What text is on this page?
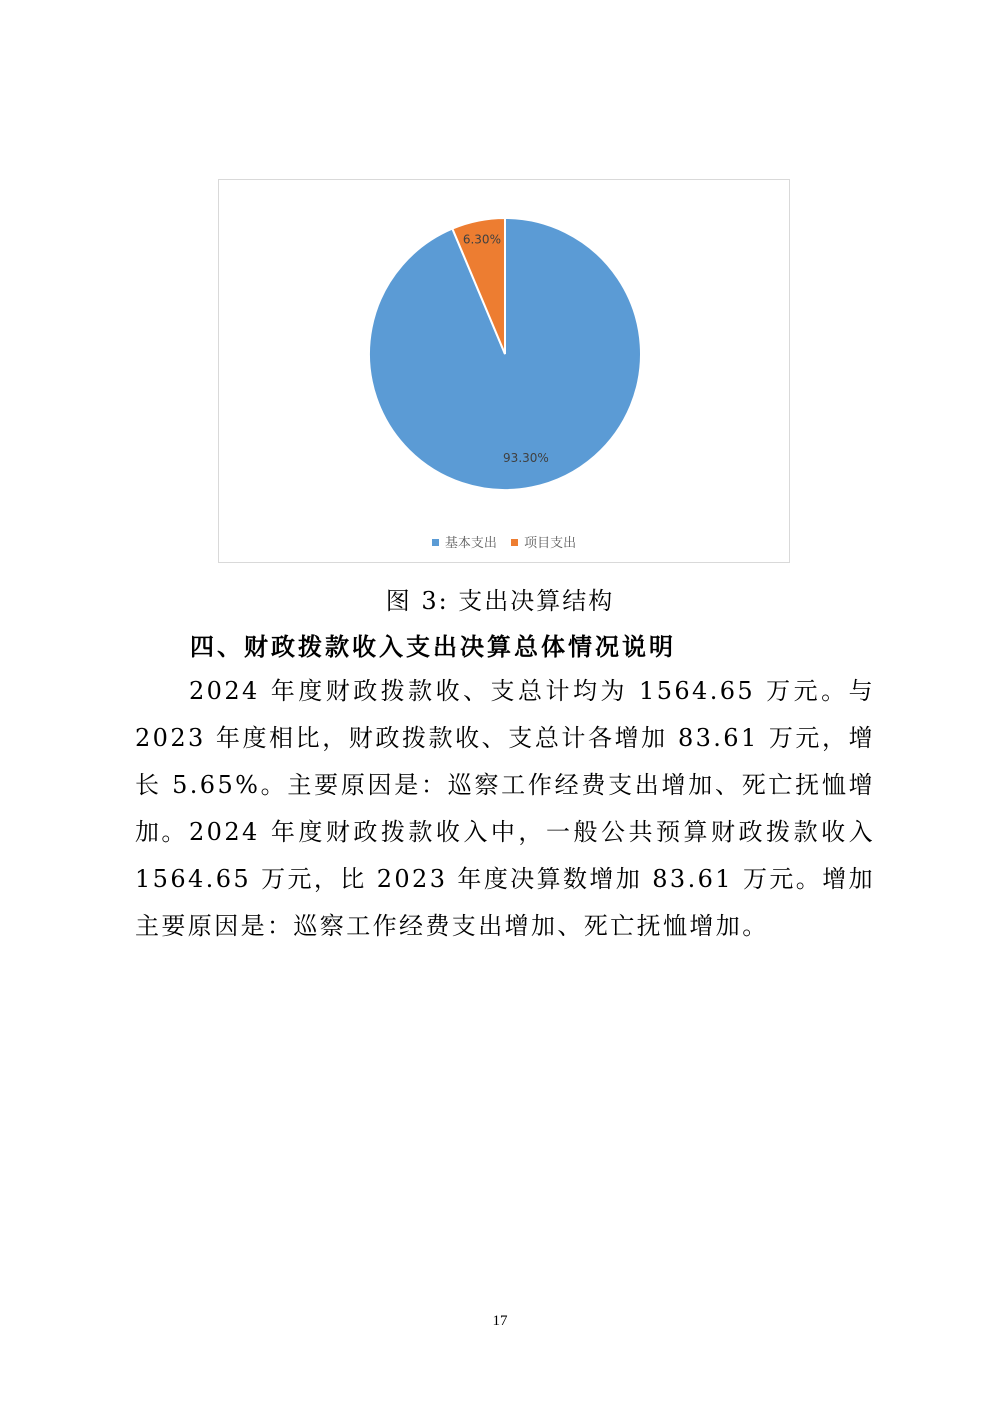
93.30%
6.30%
基本支出 项目支出
图 3: 支出决算结构
四、财政拨款收入支出决算总体情况说明
2024 年度财政拨款收、支总计均为 1564.65 万元。与 2023 年度相比，财政拨款收、支总计各增加 83.61 万元，增长 5.65%。主要原因是：巡察工作经费支出增加、死亡抚恤增加。 2024 年度财政拨款收入中，一般公共预算财政拨款收入 1564.65 万元，比 2023 年度决算数增加 83.61 万元。增加主要原因是：巡察工作经费支出增加、死亡抚恤增加。
17
